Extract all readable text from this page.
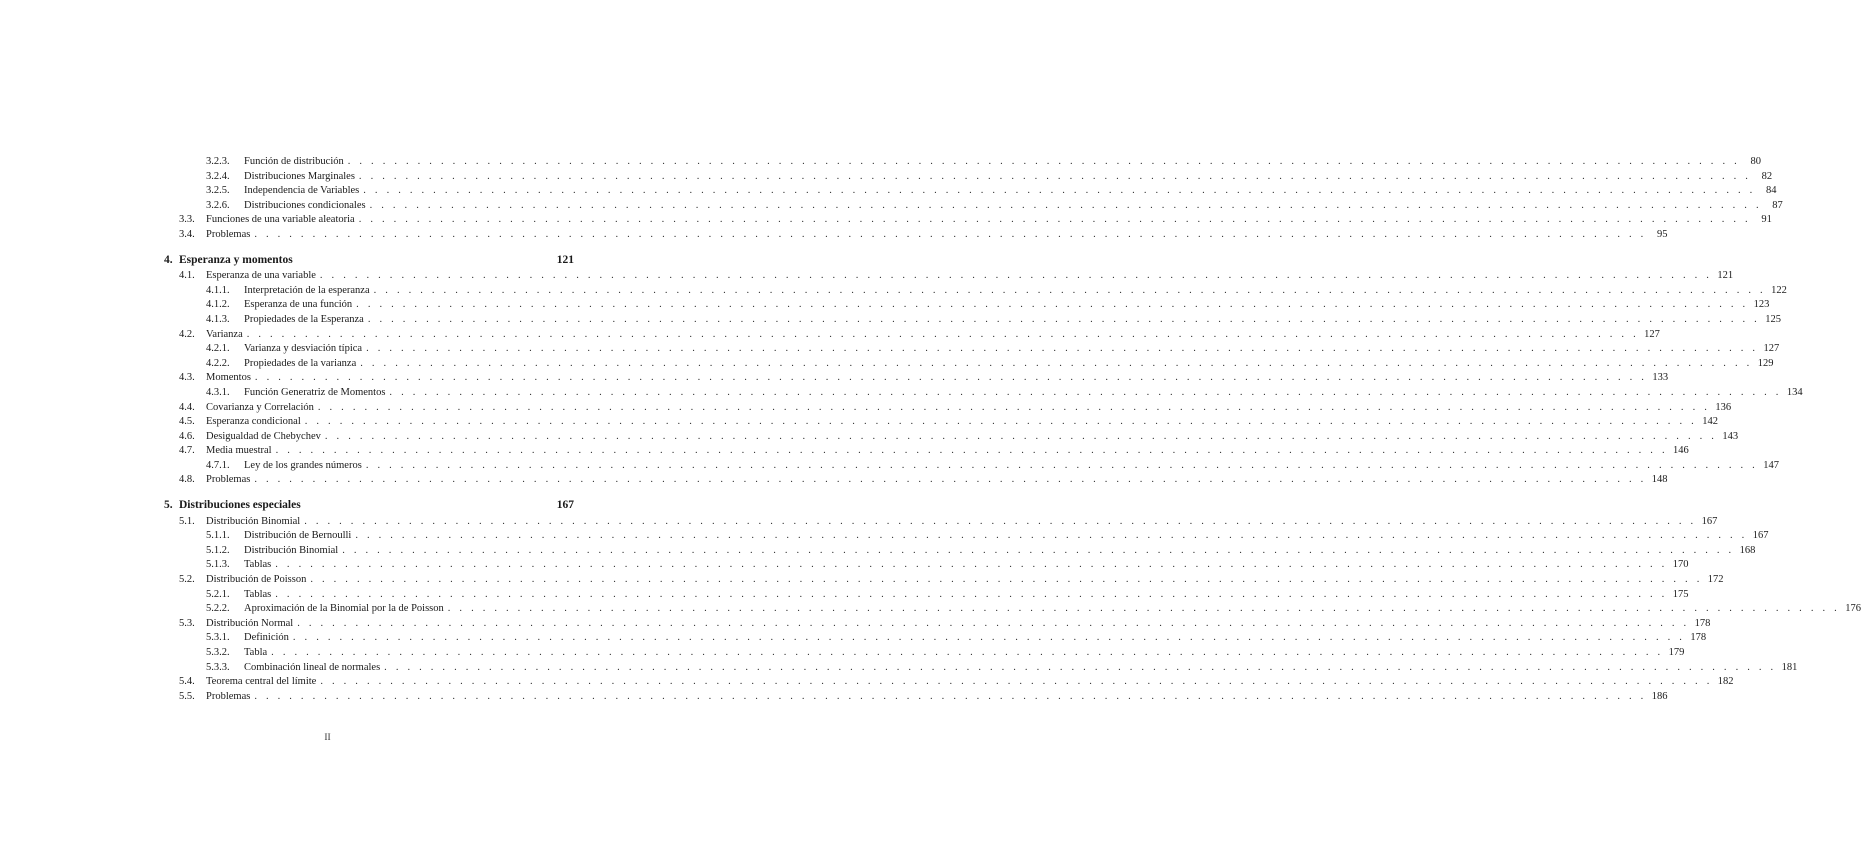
3.2.3.	Función de distribución . . . . . . . . . . . . . . . . . . . . . . . . . . . . . . . . . . . . . . . . . . . . . . . . . . . . . . . . . . . . . . . . . . . . . . . . . . . . . . . . . . . . . . . . . . . . . . . . . . . . . . . . . . . . . . . . . . . . . . . .	80
3.2.4.	Distribuciones Marginales . . . . . . . . . . . . . . . . . . . . . . . . . . . . . . . . . . . . . . . . . . . . . . . . . . . . . . . . . . . . . . . . . . . . . . . . . . . . . . . . . . . . . . . . . . . . . . . . . . . . . . . . . . . . . . . . . . . . . . . .	82
3.2.5.	Independencia de Variables . . . . . . . . . . . . . . . . . . . . . . . . . . . . . . . . . . . . . . . . . . . . . . . . . . . . . . . . . . . . . . . . . . . . . . . . . . . . . . . . . . . . . . . . . . . . . . . . . . . . . . . . . . . . . . . . . . . . . . . .	84
3.2.6.	Distribuciones condicionales . . . . . . . . . . . . . . . . . . . . . . . . . . . . . . . . . . . . . . . . . . . . . . . . . . . . . . . . . . . . . . . . . . . . . . . . . . . . . . . . . . . . . . . . . . . . . . . . . . . . . . . . . . . . . . . . . . . . . . . .	87
3.3.	Funciones de una variable aleatoria . . . . . . . . . . . . . . . . . . . . . . . . . . . . . . . . . . . . . . . . . . . . . . . . . . . . . . . . . . . . . . . . . . . . . . . . . . . . . . . . . . . . . . . . . . . . . . . . . . . . . . . . . . . . . . . . . . . . . . . .	91
3.4.	Problemas . . . . . . . . . . . . . . . . . . . . . . . . . . . . . . . . . . . . . . . . . . . . . . . . . . . . . . . . . . . . . . . . . . . . . . . . . . . . . . . . . . . . . . . . . . . . . . . . . . . . . . . . . . . . . . . . . . . . . . . .	95
4. Esperanza y momentos	121
4.1.	Esperanza de una variable . . . . . . . . . . . . . . . . . . . . . . . . . . . . . . . . . . . . . . . . . . . . . . . . . . . . . . . . . . . . . . . . . . . . . . . . . . . . . . . . . . . . . . . . . . . . . . . . . . . . . . . . . . . . . . . . . . . . . . . . 121
4.1.1.	Interpretación de la esperanza . . . . . . . . . . . . . . . . . . . . . . . . . . . . . . . . . . . . . . . . . . . . . . . . . . . . . . . . . . . . . . . . . . . . . . . . . . . . . . . . . . . . . . . . . . . . . . . . . . . . . . . . . . . . . . . . . . . . . . . . 122
4.1.2.	Esperanza de una función . . . . . . . . . . . . . . . . . . . . . . . . . . . . . . . . . . . . . . . . . . . . . . . . . . . . . . . . . . . . . . . . . . . . . . . . . . . . . . . . . . . . . . . . . . . . . . . . . . . . . . . . . . . . . . . . . . . . . . . . 123
4.1.3.	Propiedades de la Esperanza . . . . . . . . . . . . . . . . . . . . . . . . . . . . . . . . . . . . . . . . . . . . . . . . . . . . . . . . . . . . . . . . . . . . . . . . . . . . . . . . . . . . . . . . . . . . . . . . . . . . . . . . . . . . . . . . . . . . . . . . 125
4.2.	Varianza . . . . . . . . . . . . . . . . . . . . . . . . . . . . . . . . . . . . . . . . . . . . . . . . . . . . . . . . . . . . . . . . . . . . . . . . . . . . . . . . . . . . . . . . . . . . . . . . . . . . . . . . . . . . . . . . . . . . . . . . 127
4.2.1.	Varianza y desviación típica . . . . . . . . . . . . . . . . . . . . . . . . . . . . . . . . . . . . . . . . . . . . . . . . . . . . . . . . . . . . . . . . . . . . . . . . . . . . . . . . . . . . . . . . . . . . . . . . . . . . . . . . . . . . . . . . . . . . . . . . 127
4.2.2.	Propiedades de la varianza . . . . . . . . . . . . . . . . . . . . . . . . . . . . . . . . . . . . . . . . . . . . . . . . . . . . . . . . . . . . . . . . . . . . . . . . . . . . . . . . . . . . . . . . . . . . . . . . . . . . . . . . . . . . . . . . . . . . . . . . 129
4.3.	Momentos . . . . . . . . . . . . . . . . . . . . . . . . . . . . . . . . . . . . . . . . . . . . . . . . . . . . . . . . . . . . . . . . . . . . . . . . . . . . . . . . . . . . . . . . . . . . . . . . . . . . . . . . . . . . . . . . . . . . . . . . 133
4.3.1.	Función Generatriz de Momentos . . . . . . . . . . . . . . . . . . . . . . . . . . . . . . . . . . . . . . . . . . . . . . . . . . . . . . . . . . . . . . . . . . . . . . . . . . . . . . . . . . . . . . . . . . . . . . . . . . . . . . . . . . . . . . . . . . . . . . . . 134
4.4.	Covarianza y Correlación . . . . . . . . . . . . . . . . . . . . . . . . . . . . . . . . . . . . . . . . . . . . . . . . . . . . . . . . . . . . . . . . . . . . . . . . . . . . . . . . . . . . . . . . . . . . . . . . . . . . . . . . . . . . . . . . . . . . . . . . 136
4.5.	Esperanza condicional . . . . . . . . . . . . . . . . . . . . . . . . . . . . . . . . . . . . . . . . . . . . . . . . . . . . . . . . . . . . . . . . . . . . . . . . . . . . . . . . . . . . . . . . . . . . . . . . . . . . . . . . . . . . . . . . . . . . . . . . 142
4.6.	Desigualdad de Chebychev . . . . . . . . . . . . . . . . . . . . . . . . . . . . . . . . . . . . . . . . . . . . . . . . . . . . . . . . . . . . . . . . . . . . . . . . . . . . . . . . . . . . . . . . . . . . . . . . . . . . . . . . . . . . . . . . . . . . . . . . 143
4.7.	Media muestral . . . . . . . . . . . . . . . . . . . . . . . . . . . . . . . . . . . . . . . . . . . . . . . . . . . . . . . . . . . . . . . . . . . . . . . . . . . . . . . . . . . . . . . . . . . . . . . . . . . . . . . . . . . . . . . . . . . . . . . . 146
4.7.1.	Ley de los grandes números . . . . . . . . . . . . . . . . . . . . . . . . . . . . . . . . . . . . . . . . . . . . . . . . . . . . . . . . . . . . . . . . . . . . . . . . . . . . . . . . . . . . . . . . . . . . . . . . . . . . . . . . . . . . . . . . . . . . . . . . 147
4.8.	Problemas . . . . . . . . . . . . . . . . . . . . . . . . . . . . . . . . . . . . . . . . . . . . . . . . . . . . . . . . . . . . . . . . . . . . . . . . . . . . . . . . . . . . . . . . . . . . . . . . . . . . . . . . . . . . . . . . . . . . . . . . 148
5. Distribuciones especiales	167
5.1.	Distribución Binomial . . . . . . . . . . . . . . . . . . . . . . . . . . . . . . . . . . . . . . . . . . . . . . . . . . . . . . . . . . . . . . . . . . . . . . . . . . . . . . . . . . . . . . . . . . . . . . . . . . . . . . . . . . . . . . . . . . . . . . . . 167
5.1.1.	Distribución de Bernoulli . . . . . . . . . . . . . . . . . . . . . . . . . . . . . . . . . . . . . . . . . . . . . . . . . . . . . . . . . . . . . . . . . . . . . . . . . . . . . . . . . . . . . . . . . . . . . . . . . . . . . . . . . . . . . . . . . . . . . . . . 167
5.1.2.	Distribución Binomial . . . . . . . . . . . . . . . . . . . . . . . . . . . . . . . . . . . . . . . . . . . . . . . . . . . . . . . . . . . . . . . . . . . . . . . . . . . . . . . . . . . . . . . . . . . . . . . . . . . . . . . . . . . . . . . . . . . . . . . . 168
5.1.3.	Tablas . . . . . . . . . . . . . . . . . . . . . . . . . . . . . . . . . . . . . . . . . . . . . . . . . . . . . . . . . . . . . . . . . . . . . . . . . . . . . . . . . . . . . . . . . . . . . . . . . . . . . . . . . . . . . . . . . . . . . . . . 170
5.2.	Distribución de Poisson . . . . . . . . . . . . . . . . . . . . . . . . . . . . . . . . . . . . . . . . . . . . . . . . . . . . . . . . . . . . . . . . . . . . . . . . . . . . . . . . . . . . . . . . . . . . . . . . . . . . . . . . . . . . . . . . . . . . . . . . 172
5.2.1.	Tablas . . . . . . . . . . . . . . . . . . . . . . . . . . . . . . . . . . . . . . . . . . . . . . . . . . . . . . . . . . . . . . . . . . . . . . . . . . . . . . . . . . . . . . . . . . . . . . . . . . . . . . . . . . . . . . . . . . . . . . . . 175
5.2.2.	Aproximación de la Binomial por la de Poisson . . . . . . . . . . . . . . . . . . . . . . . . . . . . . . . . . . . . . . . . . . . . . . . . . . . . . . . . . . . . . . . . . . . . . . . . . . . . . . . . . . . . . . . . . . . . . . . . . . . . . . . . . . . . . . . . . . . . . . . . 176
5.3.	Distribución Normal . . . . . . . . . . . . . . . . . . . . . . . . . . . . . . . . . . . . . . . . . . . . . . . . . . . . . . . . . . . . . . . . . . . . . . . . . . . . . . . . . . . . . . . . . . . . . . . . . . . . . . . . . . . . . . . . . . . . . . . . 178
5.3.1.	Definición . . . . . . . . . . . . . . . . . . . . . . . . . . . . . . . . . . . . . . . . . . . . . . . . . . . . . . . . . . . . . . . . . . . . . . . . . . . . . . . . . . . . . . . . . . . . . . . . . . . . . . . . . . . . . . . . . . . . . . . . 178
5.3.2.	Tabla . . . . . . . . . . . . . . . . . . . . . . . . . . . . . . . . . . . . . . . . . . . . . . . . . . . . . . . . . . . . . . . . . . . . . . . . . . . . . . . . . . . . . . . . . . . . . . . . . . . . . . . . . . . . . . . . . . . . . . . . 179
5.3.3.	Combinación lineal de normales . . . . . . . . . . . . . . . . . . . . . . . . . . . . . . . . . . . . . . . . . . . . . . . . . . . . . . . . . . . . . . . . . . . . . . . . . . . . . . . . . . . . . . . . . . . . . . . . . . . . . . . . . . . . . . . . . . . . . . . . 181
5.4.	Teorema central del límite . . . . . . . . . . . . . . . . . . . . . . . . . . . . . . . . . . . . . . . . . . . . . . . . . . . . . . . . . . . . . . . . . . . . . . . . . . . . . . . . . . . . . . . . . . . . . . . . . . . . . . . . . . . . . . . . . . . . . . . . 182
5.5.	Problemas . . . . . . . . . . . . . . . . . . . . . . . . . . . . . . . . . . . . . . . . . . . . . . . . . . . . . . . . . . . . . . . . . . . . . . . . . . . . . . . . . . . . . . . . . . . . . . . . . . . . . . . . . . . . . . . . . . . . . . . . 186
II
